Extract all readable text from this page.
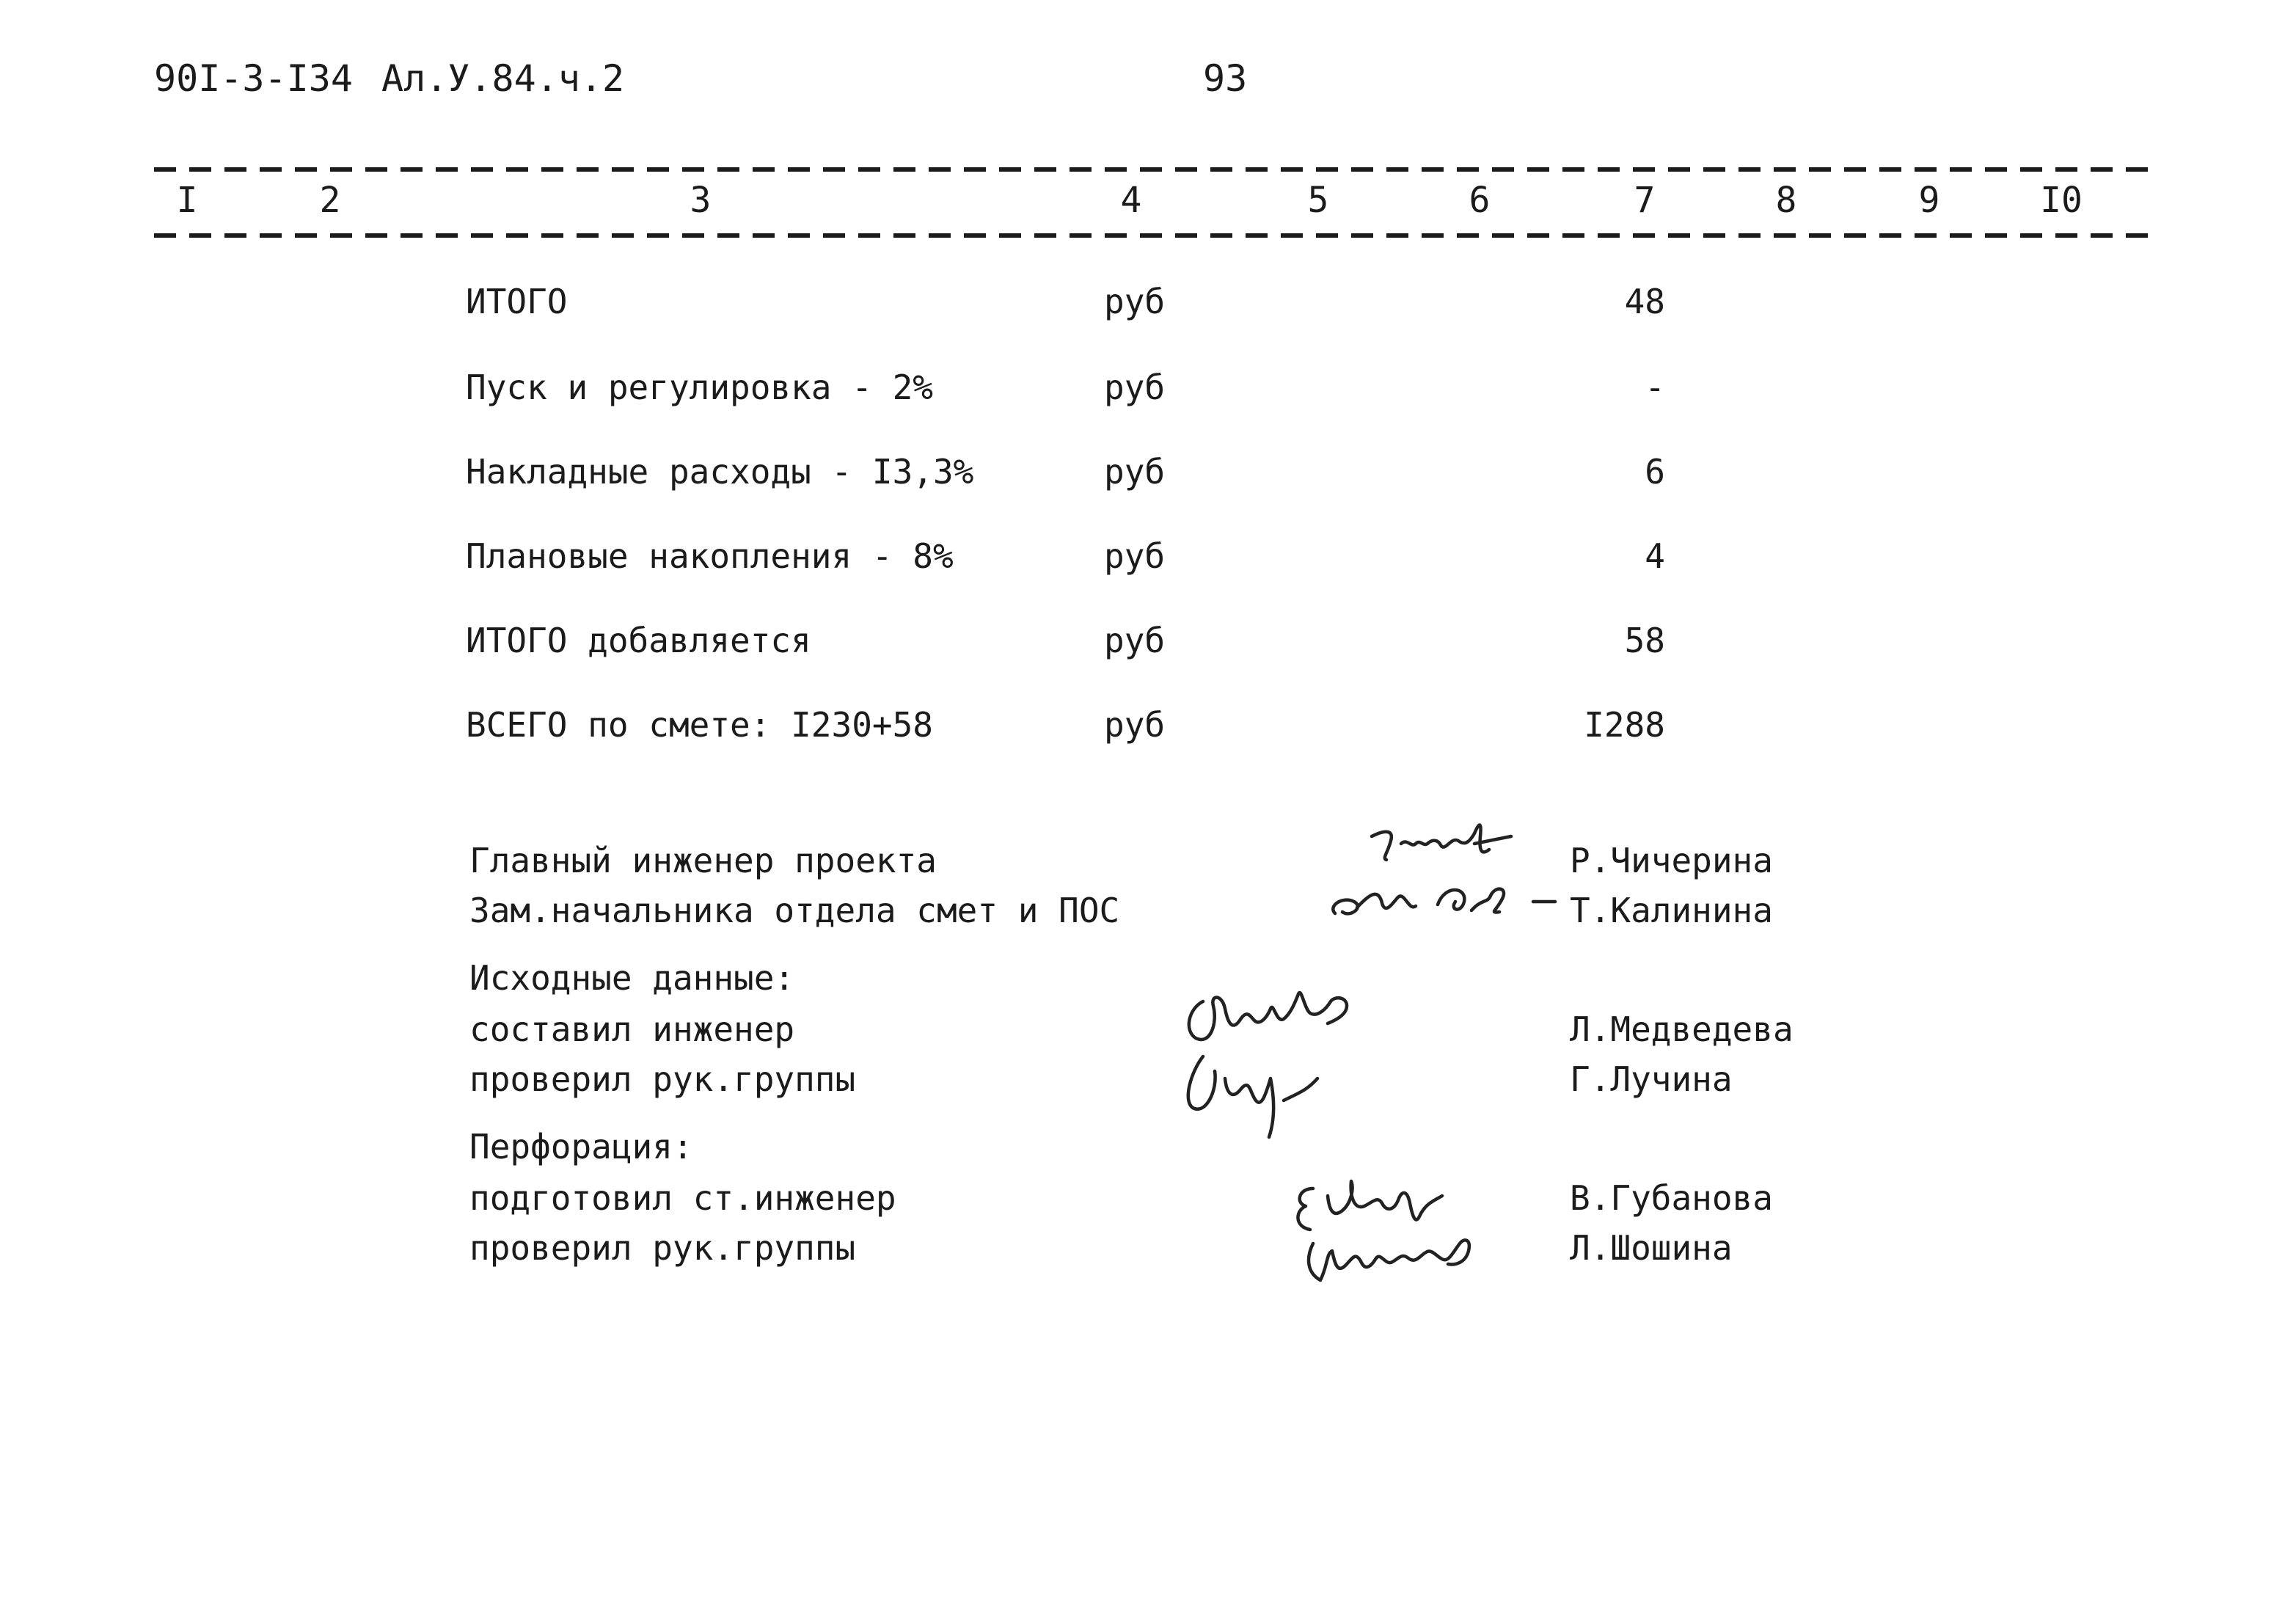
90I-3-I34 Ал.У.84.ч.2	93
I	2	3	4	5	6	7	8	9	I0
ИТОГО	руб	48
Пуск и регулировка - 2%	руб	-
Накладные расходы - I3,3%	руб	6
Плановые накопления - 8%	руб	4
ИТОГО добавляется	руб	58
ВСЕГО по смете: I230+58	руб	I288
Главный инженер проекта	Р.Чичерина
Зам.начальника отдела смет и ПОС	Т.Калинина
Исходные данные:
составил инженер	Л.Медведева
проверил рук.группы	Г.Лучина
Перфорация:
подготовил ст.инженер	В.Губанова
проверил рук.группы	Л.Шошина
